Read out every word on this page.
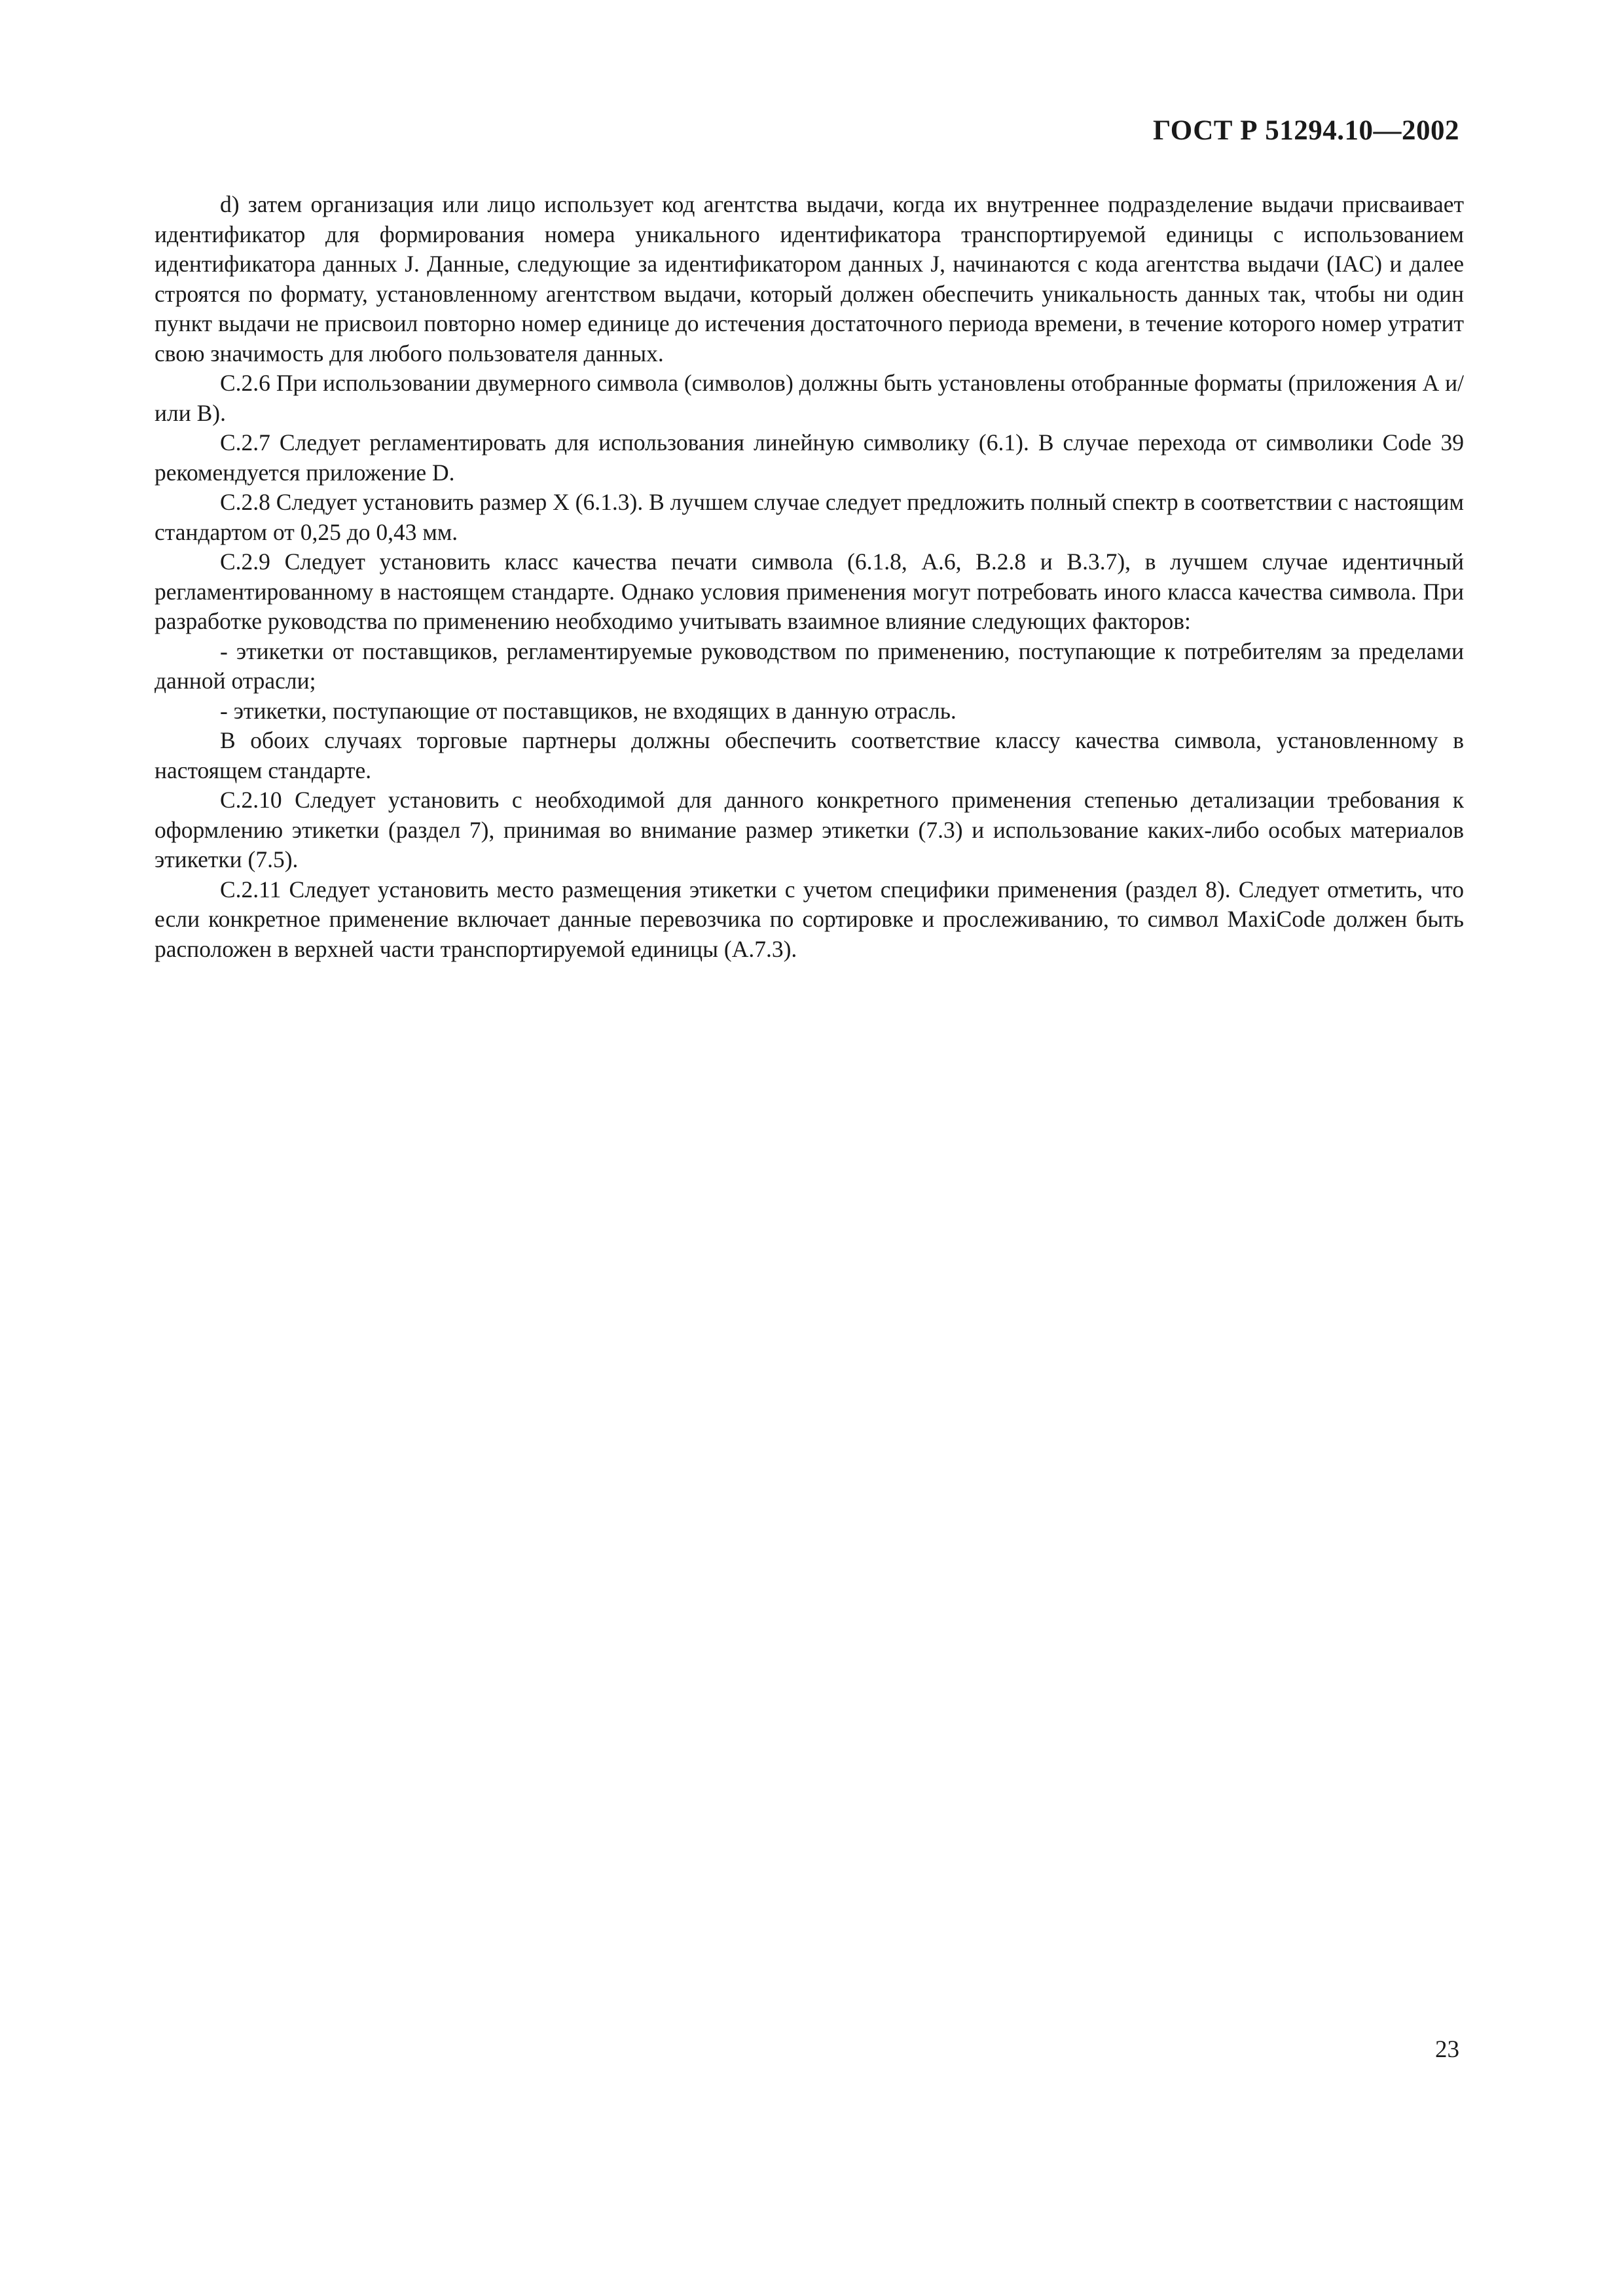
ГОСТ Р 51294.10—2002

d) затем организация или лицо использует код агентства выдачи, когда их внутреннее подразделение выдачи присваивает идентификатор для формирования номера уникального идентификатора транспортируемой единицы с использованием идентификатора данных J. Данные, следующие за идентификатором данных J, начинаются с кода агентства выдачи (IAC) и далее строятся по формату, установленному агентством выдачи, который должен обеспечить уникальность данных так, чтобы ни один пункт выдачи не присвоил повторно номер единице до истечения достаточного периода времени, в течение которого номер утратит свою значимость для любого пользователя данных.

С.2.6 При использовании двумерного символа (символов) должны быть установлены отобранные форматы (приложения А и/или В).

С.2.7 Следует регламентировать для использования линейную символику (6.1). В случае перехода от символики Code 39 рекомендуется приложение D.

С.2.8 Следует установить размер X (6.1.3). В лучшем случае следует предложить полный спектр в соответствии с настоящим стандартом от 0,25 до 0,43 мм.

С.2.9 Следует установить класс качества печати символа (6.1.8, А.6, В.2.8 и В.3.7), в лучшем случае идентичный регламентированному в настоящем стандарте. Однако условия применения могут потребовать иного класса качества символа. При разработке руководства по применению необходимо учитывать взаимное влияние следующих факторов:

- этикетки от поставщиков, регламентируемые руководством по применению, поступающие к потребителям за пределами данной отрасли;

- этикетки, поступающие от поставщиков, не входящих в данную отрасль.

В обоих случаях торговые партнеры должны обеспечить соответствие классу качества символа, установленному в настоящем стандарте.

С.2.10 Следует установить с необходимой для данного конкретного применения степенью детализации требования к оформлению этикетки (раздел 7), принимая во внимание размер этикетки (7.3) и использование каких-либо особых материалов этикетки (7.5).

С.2.11 Следует установить место размещения этикетки с учетом специфики применения (раздел 8). Следует отметить, что если конкретное применение включает данные перевозчика по сортировке и прослеживанию, то символ MaxiCode должен быть расположен в верхней части транспортируемой единицы (А.7.3).

23
